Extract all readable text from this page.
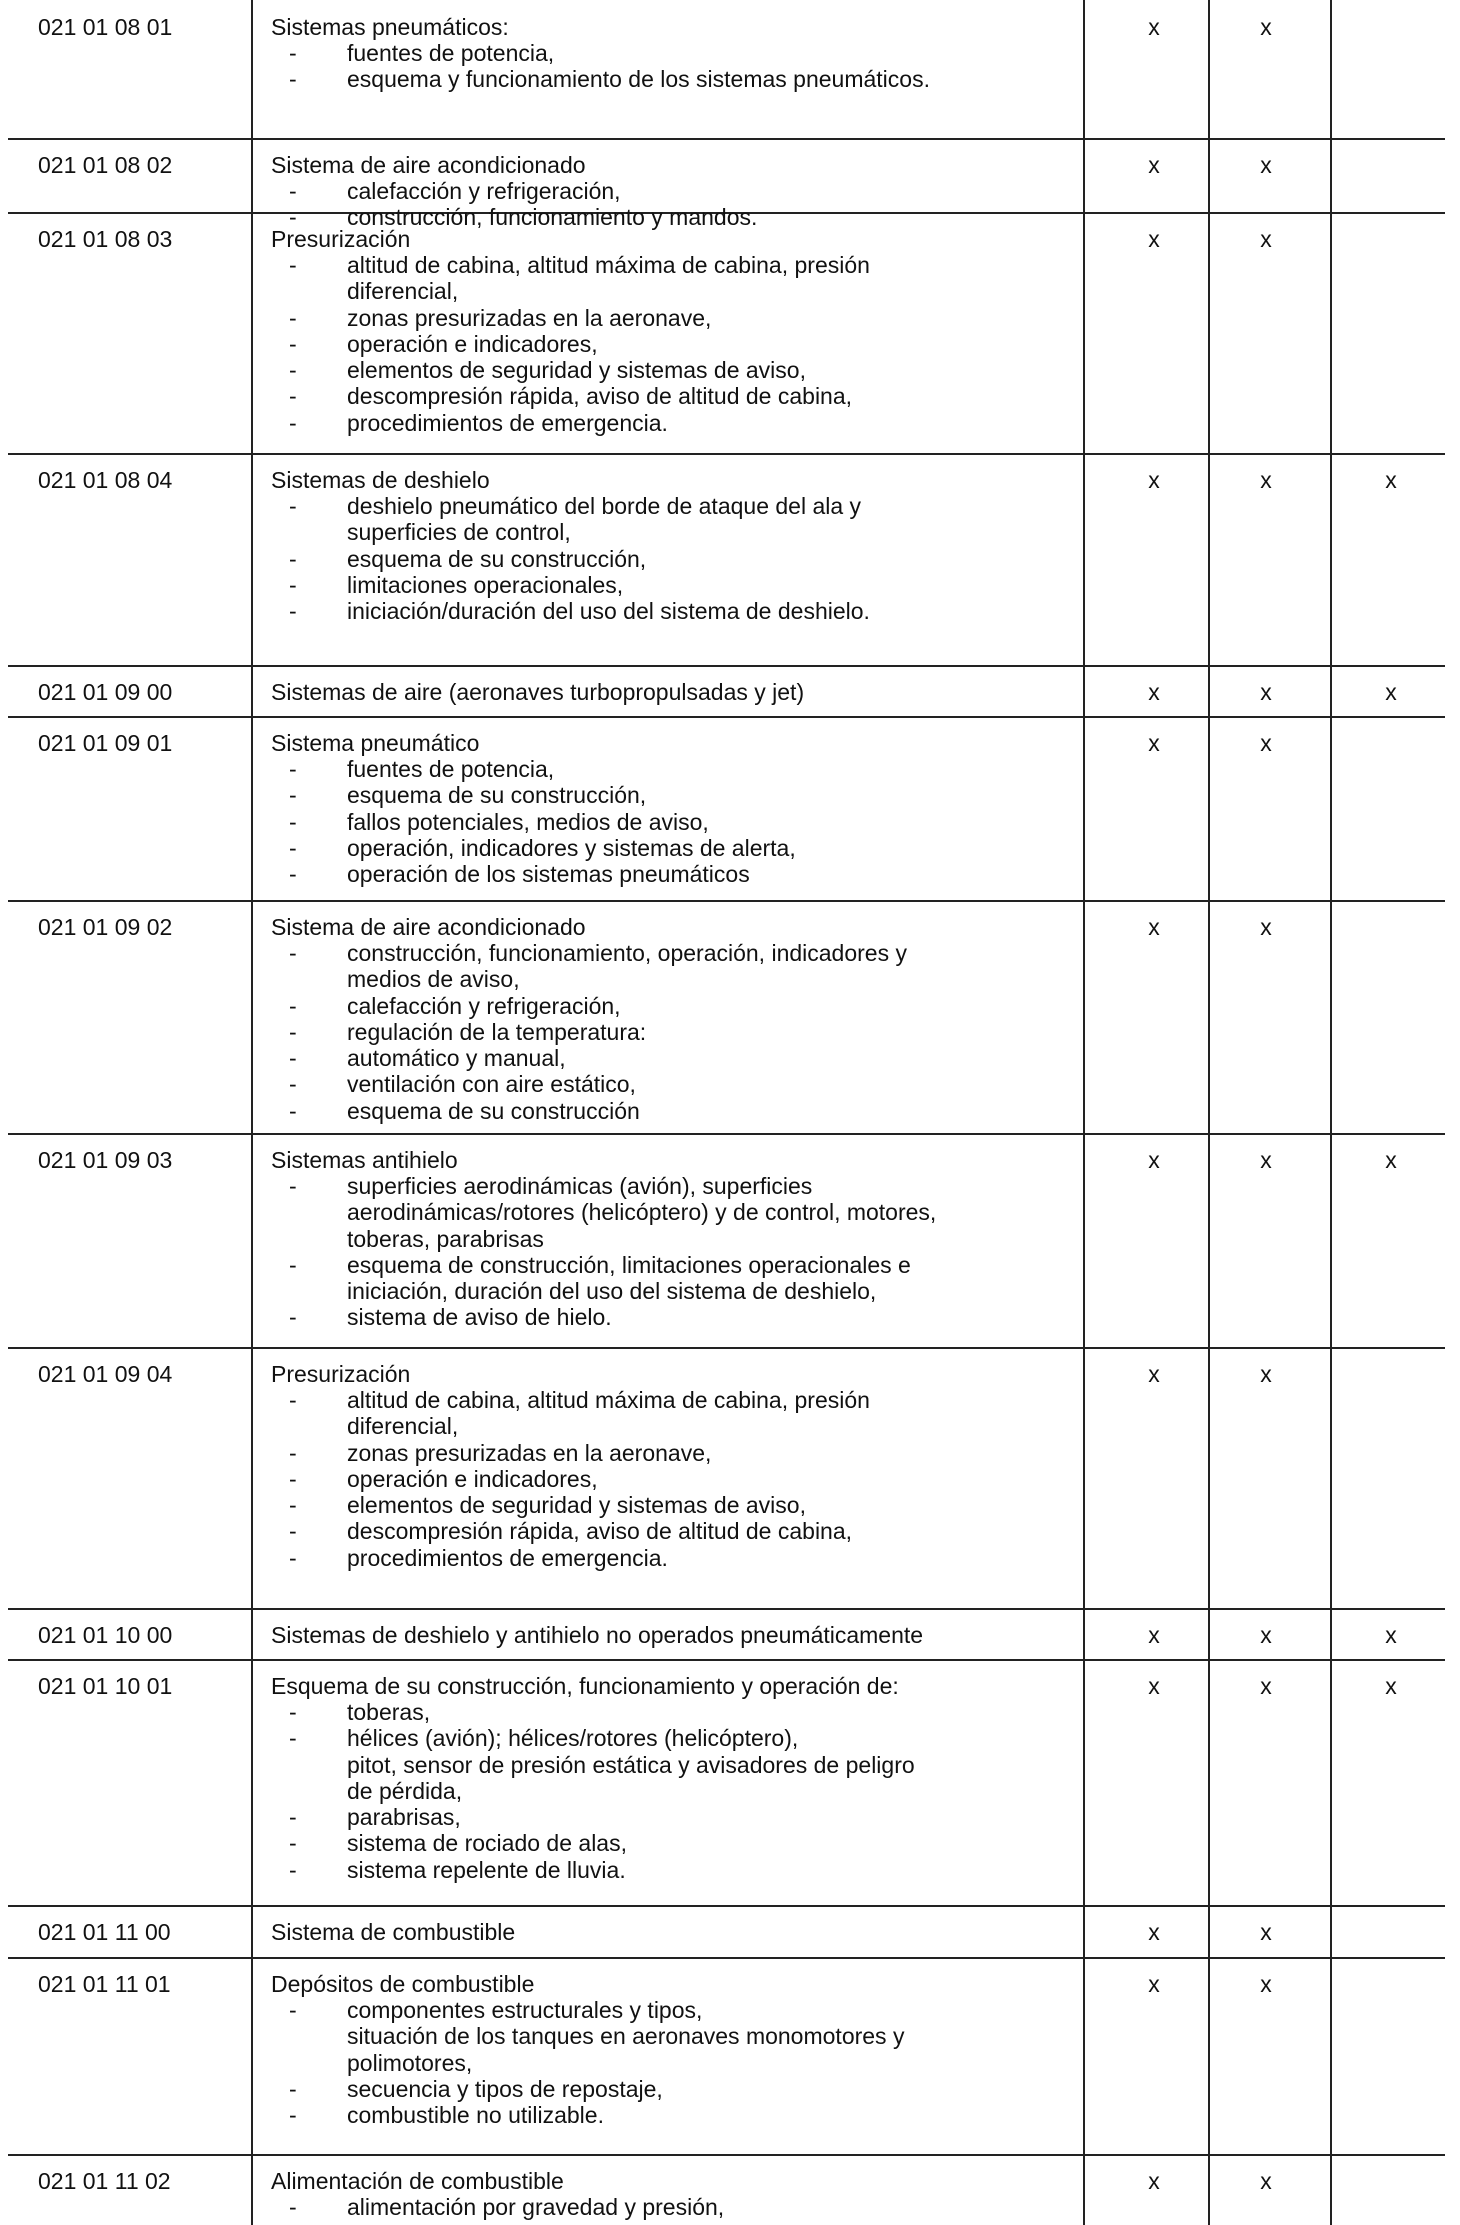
021 01 08 01	Sistemas pneumáticos:
- fuentes de potencia,
- esquema y funcionamiento de los sistemas pneumáticos.
x	x
021 01 08 02	Sistema de aire acondicionado
- calefacción y refrigeración,
- construcción, funcionamiento y mandos.
x	x
021 01 08 03	Presurización
- altitud de cabina, altitud máxima de cabina, presión
diferencial,
- zonas presurizadas en la aeronave,
- operación e indicadores,
- elementos de seguridad y sistemas de aviso,
- descompresión rápida, aviso de altitud de cabina,
- procedimientos de emergencia.
x	x
021 01 08 04	Sistemas de deshielo
- deshielo pneumático del borde de ataque del ala y
superficies de control,
- esquema de su construcción,
- limitaciones operacionales,
- iniciación/duración del uso del sistema de deshielo.
x	x	x
021 01 09 00	Sistemas de aire (aeronaves turbopropulsadas y jet)	x	x	x
021 01 09 01	Sistema pneumático
- fuentes de potencia,
- esquema de su construcción,
- fallos potenciales, medios de aviso,
- operación, indicadores y sistemas de alerta,
- operación de los sistemas pneumáticos
x	x
021 01 09 02	Sistema de aire acondicionado
- construcción, funcionamiento, operación, indicadores y
medios de aviso,
- calefacción y refrigeración,
- regulación de la temperatura:
- automático y manual,
- ventilación con aire estático,
- esquema de su construcción
x	x
021 01 09 03	Sistemas antihielo
- superficies aerodinámicas (avión), superficies
aerodinámicas/rotores (helicóptero) y de control, motores,
toberas, parabrisas
- esquema de construcción, limitaciones operacionales e
iniciación, duración del uso del sistema de deshielo,
- sistema de aviso de hielo.
x	x	x
021 01 09 04	Presurización
- altitud de cabina, altitud máxima de cabina, presión
diferencial,
- zonas presurizadas en la aeronave,
- operación e indicadores,
- elementos de seguridad y sistemas de aviso,
- descompresión rápida, aviso de altitud de cabina,
- procedimientos de emergencia.
x	x
021 01 10 00	Sistemas de deshielo y antihielo no operados pneumáticamente	x	x	x
021 01 10 01	Esquema de su construcción, funcionamiento y operación de:
- toberas,
- hélices (avión); hélices/rotores (helicóptero),
pitot, sensor de presión estática y avisadores de peligro
de pérdida,
- parabrisas,
- sistema de rociado de alas,
- sistema repelente de lluvia.
x	x	x
021 01 11 00	Sistema de combustible	x	x
021 01 11 01	Depósitos de combustible
- componentes estructurales y tipos,
situación de los tanques en aeronaves monomotores y
polimotores,
- secuencia y tipos de repostaje,
- combustible no utilizable.
x	x
021 01 11 02	Alimentación de combustible
- alimentación por gravedad y presión,
x	x
